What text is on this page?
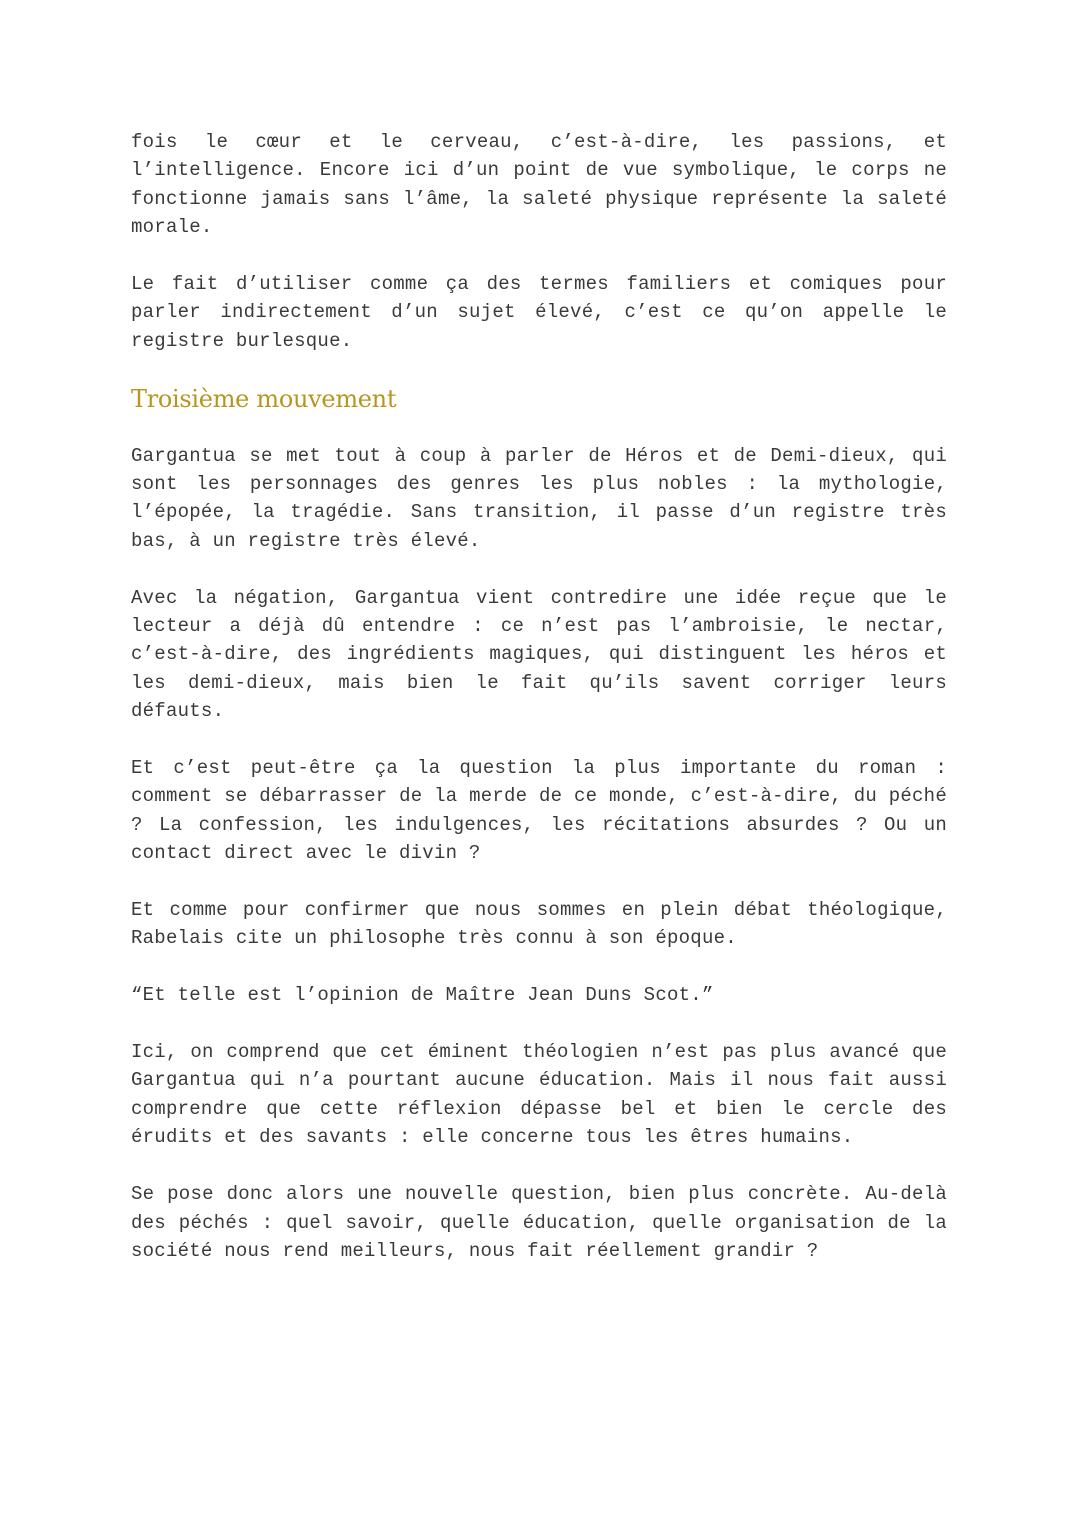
fois le cœur et le cerveau, c’est-à-dire, les passions, et l’intelligence. Encore ici d’un point de vue symbolique, le corps ne fonctionne jamais sans l’âme, la saleté physique représente la saleté morale.

Le fait d’utiliser comme ça des termes familiers et comiques pour parler indirectement d’un sujet élevé, c’est ce qu’on appelle le registre burlesque.

Troisième mouvement

Gargantua se met tout à coup à parler de Héros et de Demi-dieux, qui sont les personnages des genres les plus nobles : la mythologie, l’épopée, la tragédie. Sans transition, il passe d’un registre très bas, à un registre très élevé.

Avec la négation, Gargantua vient contredire une idée reçue que le lecteur a déjà dû entendre : ce n’est pas l’ambroisie, le nectar, c’est-à-dire, des ingrédients magiques, qui distinguent les héros et les demi-dieux, mais bien le fait qu’ils savent corriger leurs défauts.

Et c’est peut-être ça la question la plus importante du roman : comment se débarrasser de la merde de ce monde, c’est-à-dire, du péché ? La confession, les indulgences, les récitations absurdes ? Ou un contact direct avec le divin ?

Et comme pour confirmer que nous sommes en plein débat théologique, Rabelais cite un philosophe très connu à son époque.

“Et telle est l’opinion de Maître Jean Duns Scot.”

Ici, on comprend que cet éminent théologien n’est pas plus avancé que Gargantua qui n’a pourtant aucune éducation. Mais il nous fait aussi comprendre que cette réflexion dépasse bel et bien le cercle des érudits et des savants : elle concerne tous les êtres humains.

Se pose donc alors une nouvelle question, bien plus concrète. Au-delà des péchés : quel savoir, quelle éducation, quelle organisation de la société nous rend meilleurs, nous fait réellement grandir ?
